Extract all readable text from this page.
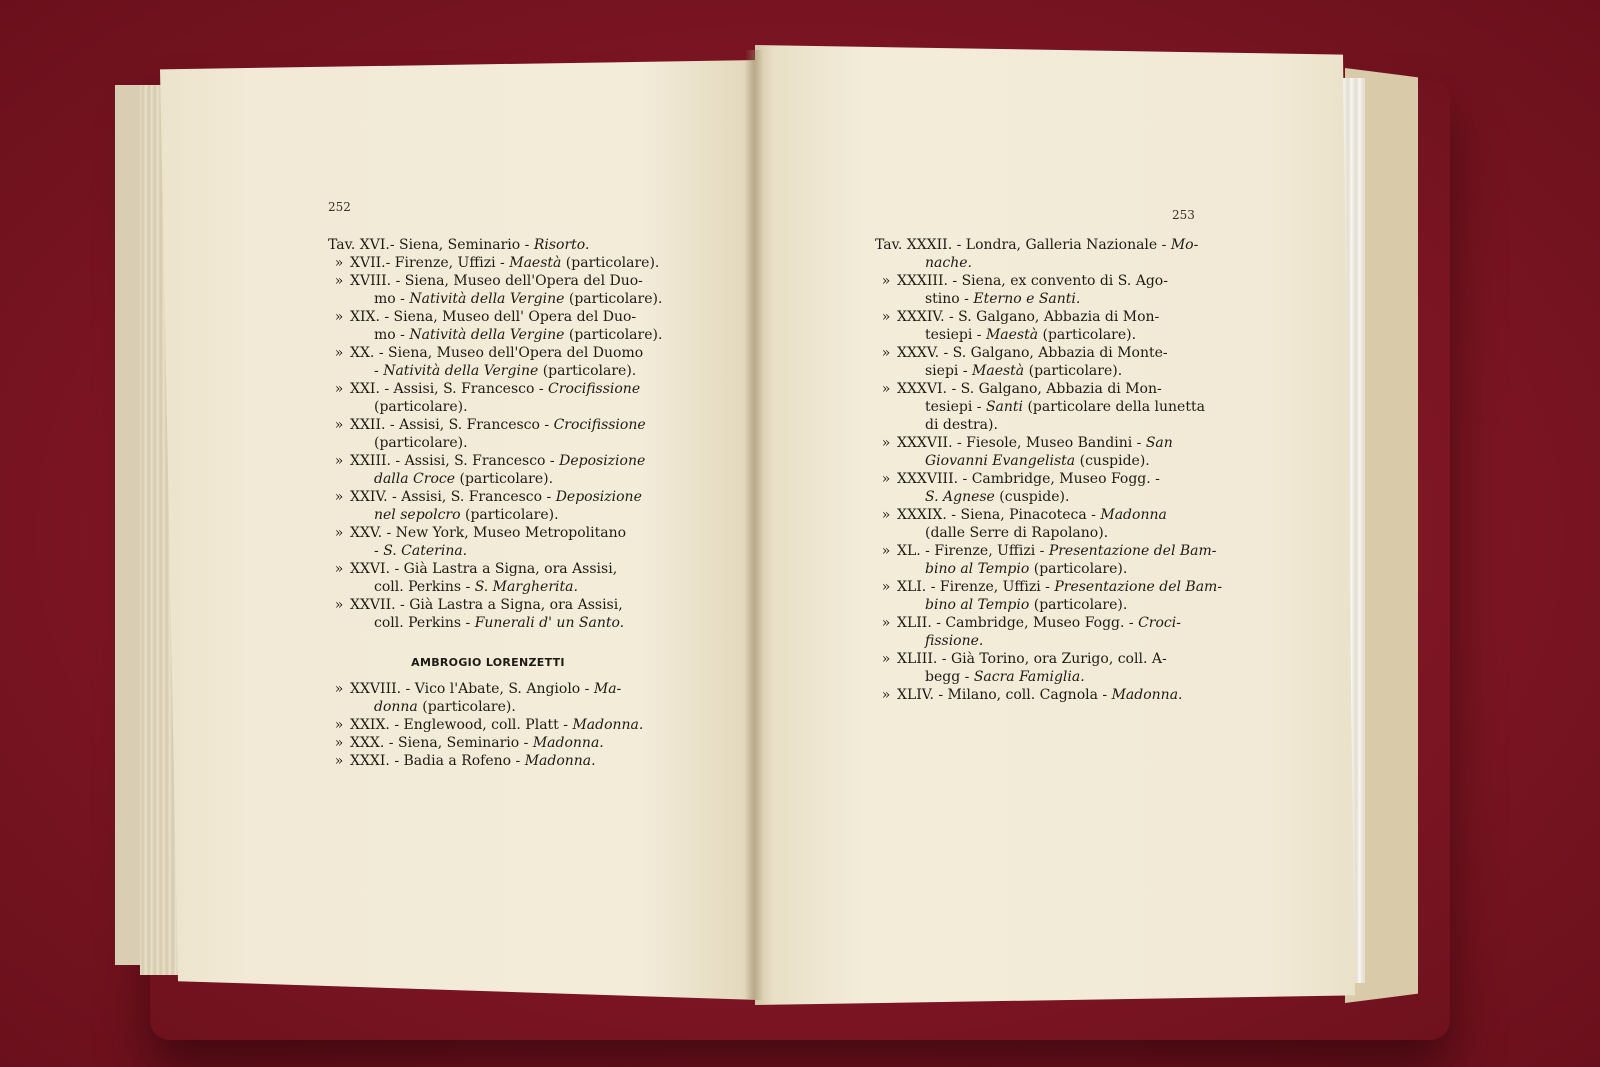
252
253
Tav. XVI.- Siena, Seminario - Risorto.
» XVII.- Firenze, Uffizi - Maestà (particolare).
» XVIII. - Siena, Museo dell'Opera del Duo-
mo - Natività della Vergine (particolare).
» XIX. - Siena, Museo dell' Opera del Duo-
mo - Natività della Vergine (particolare).
» XX. - Siena, Museo dell'Opera del Duomo
- Natività della Vergine (particolare).
» XXI. - Assisi, S. Francesco - Crocifissione
(particolare).
» XXII. - Assisi, S. Francesco - Crocifissione
(particolare).
» XXIII. - Assisi, S. Francesco - Deposizione
dalla Croce (particolare).
» XXIV. - Assisi, S. Francesco - Deposizione
nel sepolcro (particolare).
» XXV. - New York, Museo Metropolitano
- S. Caterina.
» XXVI. - Già Lastra a Signa, ora Assisi,
coll. Perkins - S. Margherita.
» XXVII. - Già Lastra a Signa, ora Assisi,
coll. Perkins - Funerali d' un Santo.
AMBROGIO LORENZETTI
» XXVIII. - Vico l'Abate, S. Angiolo - Ma-
donna (particolare).
» XXIX. - Englewood, coll. Platt - Madonna.
» XXX. - Siena, Seminario - Madonna.
» XXXI. - Badia a Rofeno - Madonna.
Tav. XXXII. - Londra, Galleria Nazionale - Mo-
nache.
» XXXIII. - Siena, ex convento di S. Ago-
stino - Eterno e Santi.
» XXXIV. - S. Galgano, Abbazia di Mon-
tesiepi - Maestà (particolare).
» XXXV. - S. Galgano, Abbazia di Monte-
siepi - Maestà (particolare).
» XXXVI. - S. Galgano, Abbazia di Mon-
tesiepi - Santi (particolare della lunetta
di destra).
» XXXVII. - Fiesole, Museo Bandini - San
Giovanni Evangelista (cuspide).
» XXXVIII. - Cambridge, Museo Fogg. -
S. Agnese (cuspide).
» XXXIX. - Siena, Pinacoteca - Madonna
(dalle Serre di Rapolano).
» XL. - Firenze, Uffizi - Presentazione del Bam-
bino al Tempio (particolare).
» XLI. - Firenze, Uffizi - Presentazione del Bam-
bino al Tempio (particolare).
» XLII. - Cambridge, Museo Fogg. - Croci-
fissione.
» XLIII. - Già Torino, ora Zurigo, coll. A-
begg - Sacra Famiglia.
» XLIV. - Milano, coll. Cagnola - Madonna.
